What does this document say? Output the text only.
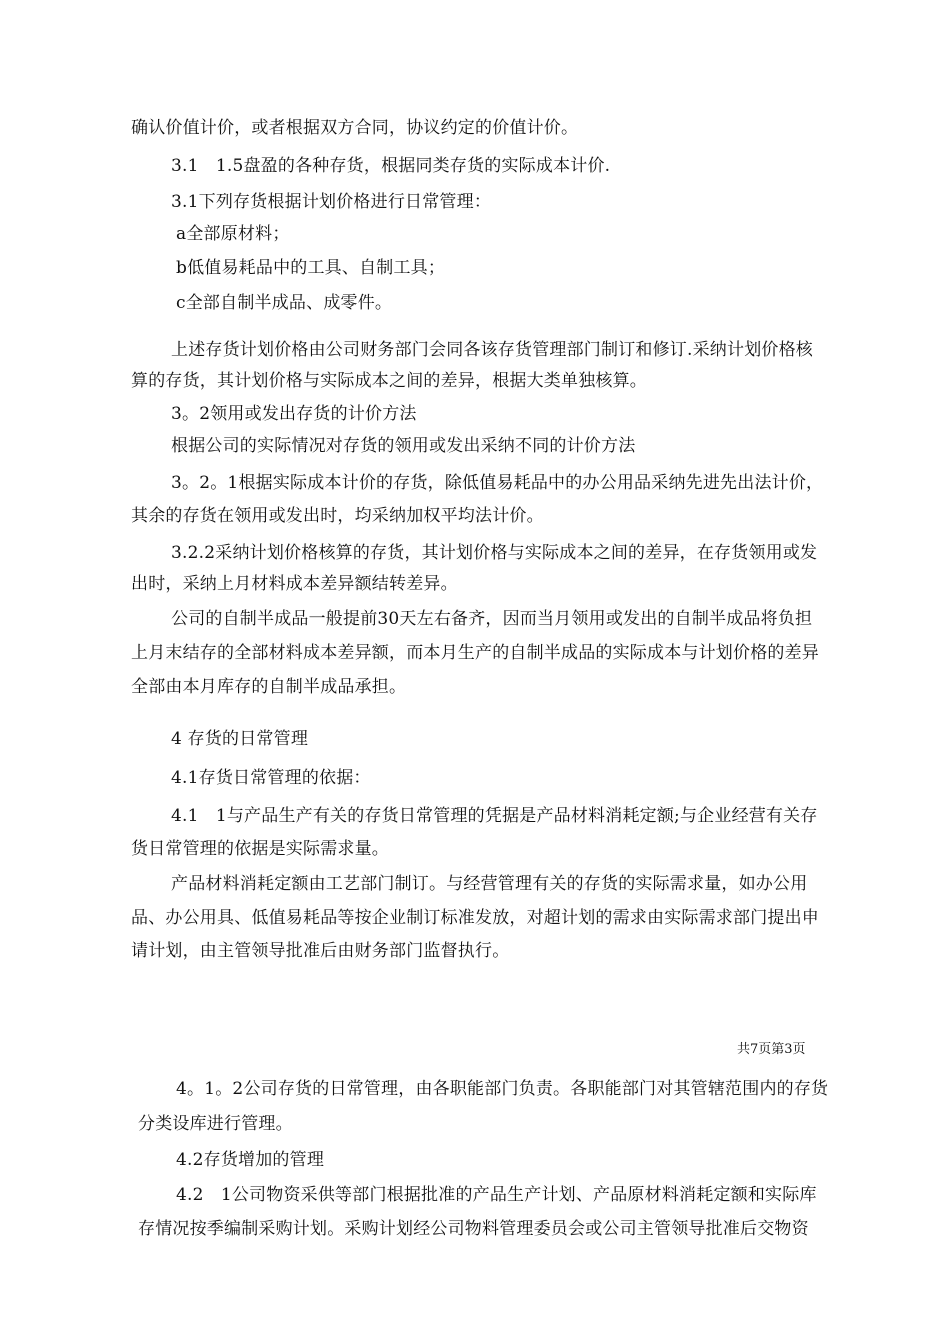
确认价值计价，或者根据双方合同，协议约定的价值计价。
3.1　1.5盘盈的各种存货，根据同类存货的实际成本计价.
3.1下列存货根据计划价格进行日常管理：
a全部原材料；
b低值易耗品中的工具、自制工具；
c全部自制半成品、成零件。
上述存货计划价格由公司财务部门会同各该存货管理部门制订和修订.采纳计划价格核
算的存货，其计划价格与实际成本之间的差异，根据大类单独核算。
3。2领用或发出存货的计价方法
根据公司的实际情况对存货的领用或发出采纳不同的计价方法
3。2。1根据实际成本计价的存货，除低值易耗品中的办公用品采纳先进先出法计价，
其余的存货在领用或发出时，均采纳加权平均法计价。
3.2.2采纳计划价格核算的存货，其计划价格与实际成本之间的差异，在存货领用或发
出时，采纳上月材料成本差异额结转差异。
公司的自制半成品一般提前30天左右备齐，因而当月领用或发出的自制半成品将负担
上月末结存的全部材料成本差异额，而本月生产的自制半成品的实际成本与计划价格的差异
全部由本月库存的自制半成品承担。
4 存货的日常管理
4.1存货日常管理的依据：
4.1　1与产品生产有关的存货日常管理的凭据是产品材料消耗定额;与企业经营有关存
货日常管理的依据是实际需求量。
产品材料消耗定额由工艺部门制订。与经营管理有关的存货的实际需求量，如办公用
品、办公用具、低值易耗品等按企业制订标准发放，对超计划的需求由实际需求部门提出申
请计划，由主管领导批准后由财务部门监督执行。
共7页第3页
4。1。2公司存货的日常管理，由各职能部门负责。各职能部门对其管辖范围内的存货
分类设库进行管理。
4.2存货增加的管理
4.2　1公司物资采供等部门根据批准的产品生产计划、产品原材料消耗定额和实际库
存情况按季编制采购计划。采购计划经公司物料管理委员会或公司主管领导批准后交物资
